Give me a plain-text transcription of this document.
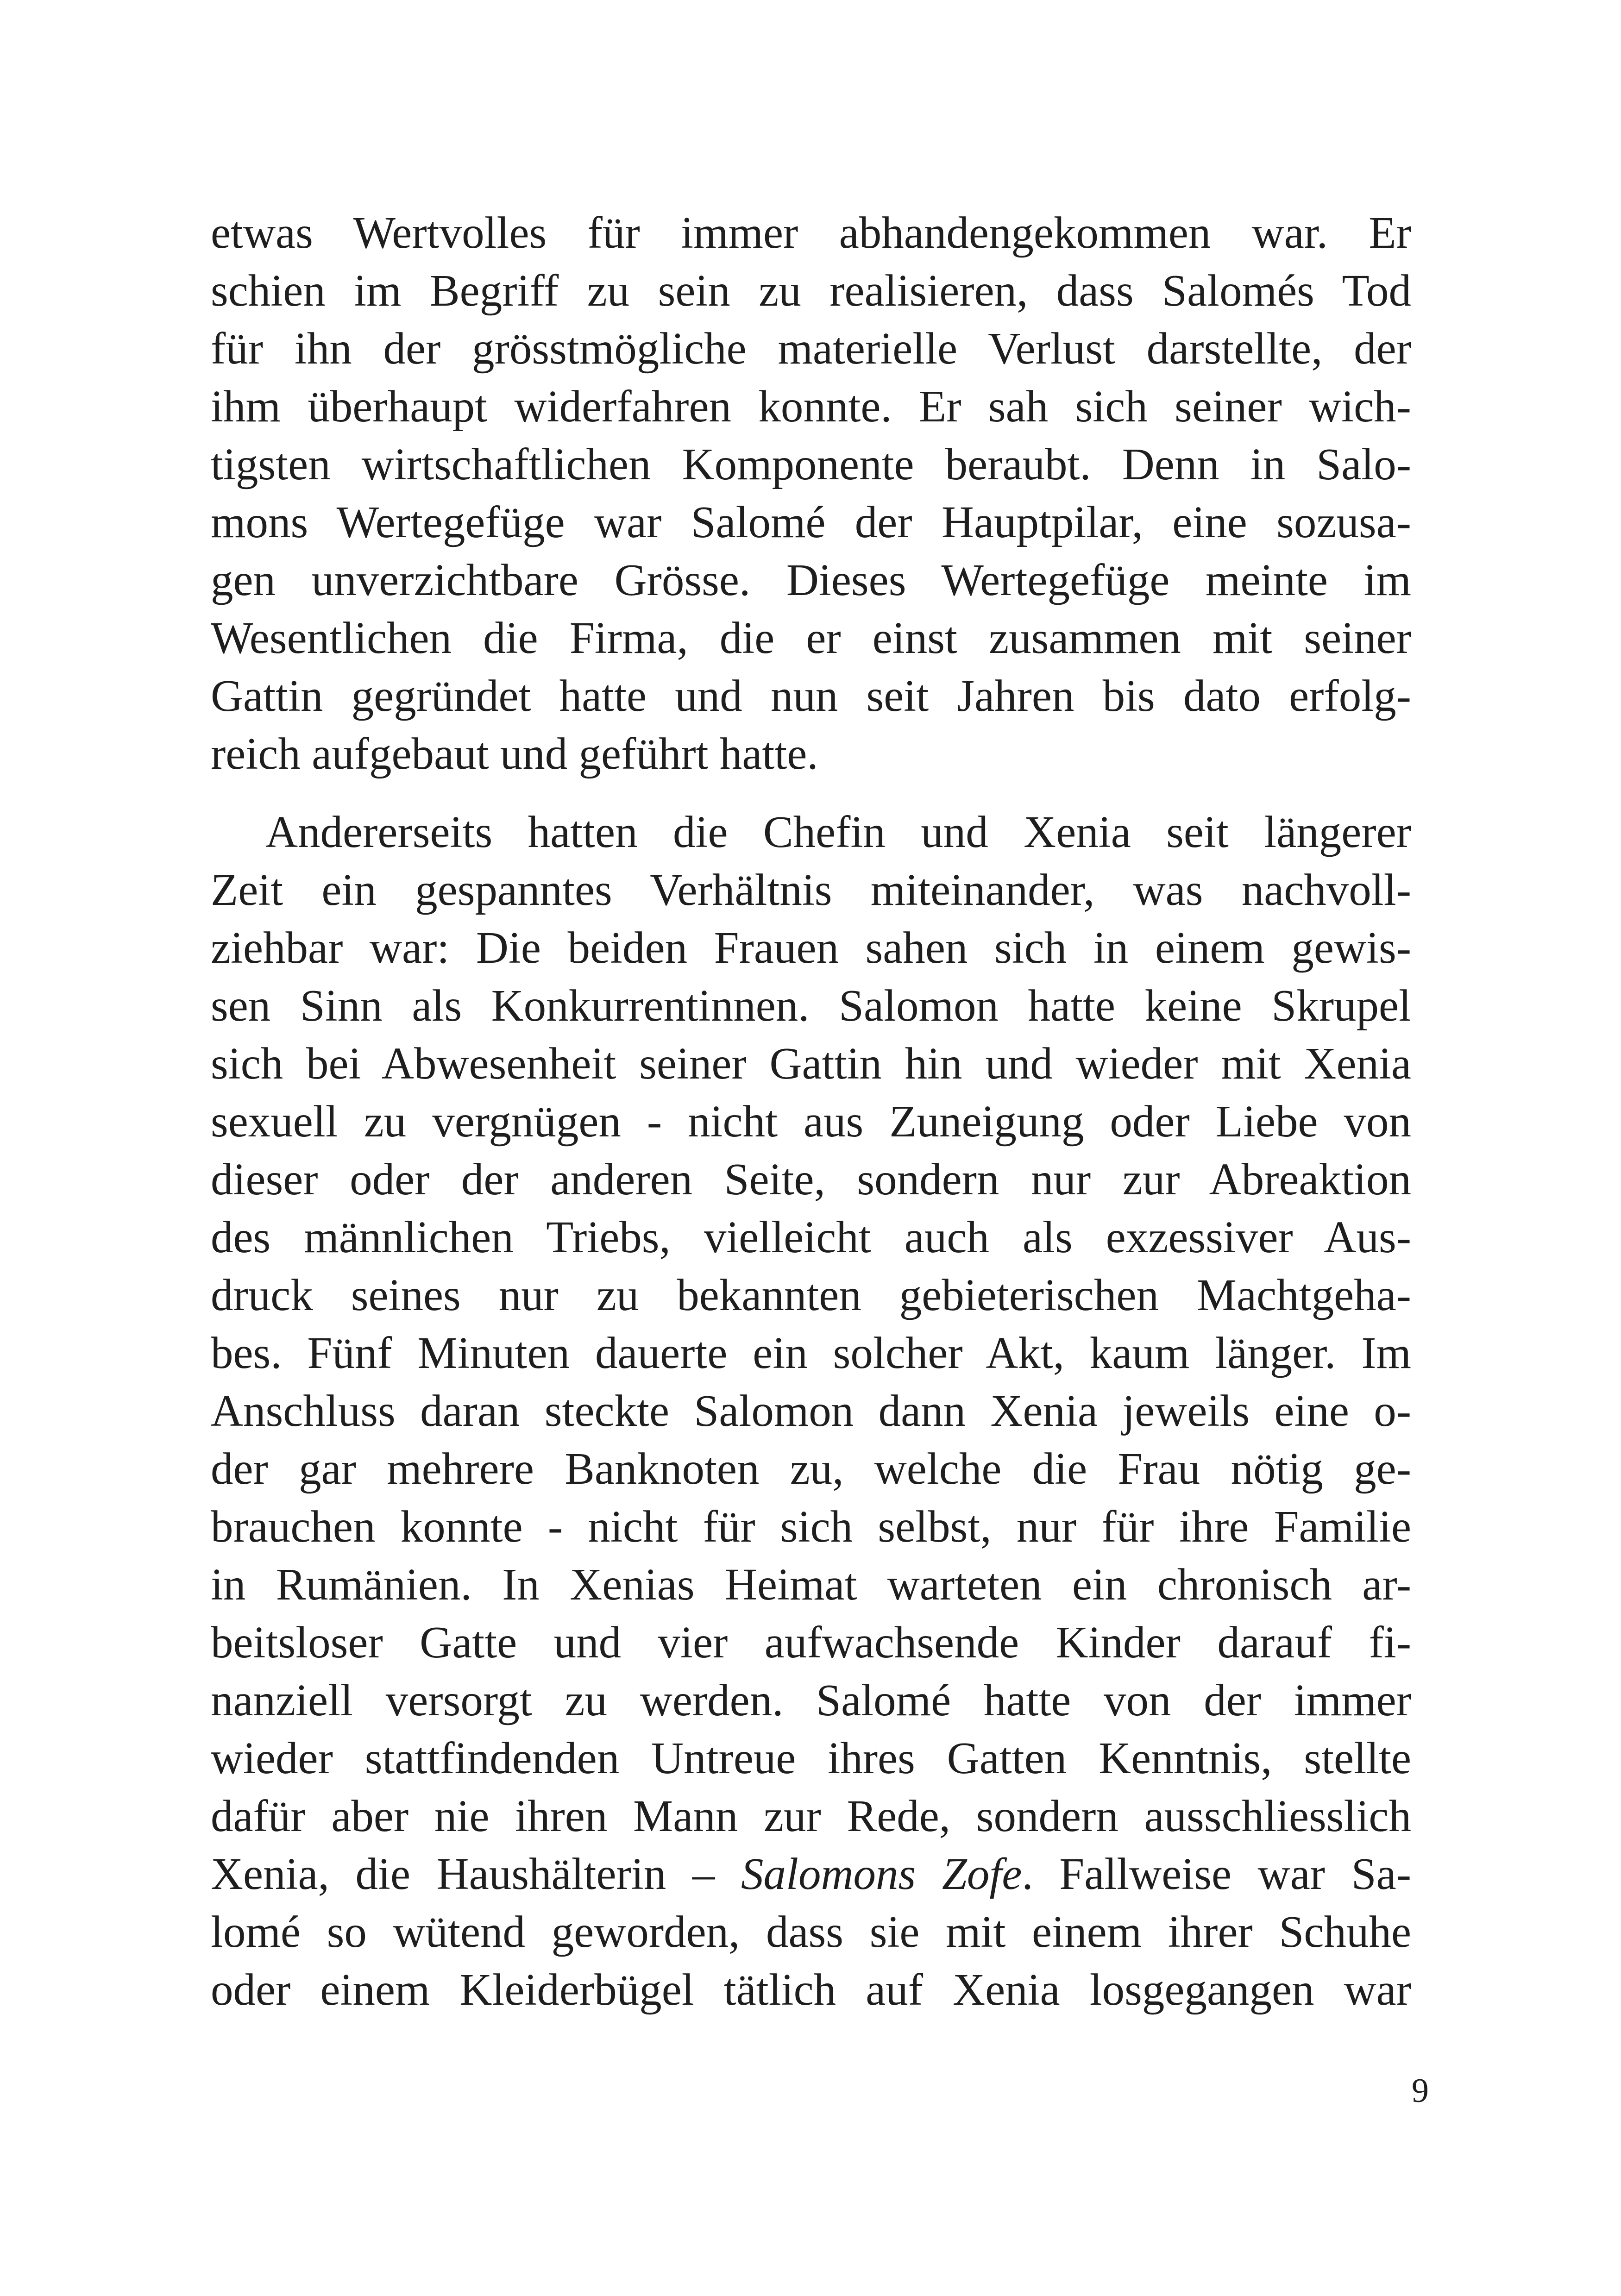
etwas Wertvolles für immer abhandengekommen war. Er
schien im Begriff zu sein zu realisieren, dass Salomés Tod
für ihn der grösstmögliche materielle Verlust darstellte, der
ihm überhaupt widerfahren konnte. Er sah sich seiner wich-
tigsten wirtschaftlichen Komponente beraubt. Denn in Salo-
mons Wertegefüge war Salomé der Hauptpilar, eine sozusa-
gen unverzichtbare Grösse. Dieses Wertegefüge meinte im
Wesentlichen die Firma, die er einst zusammen mit seiner
Gattin gegründet hatte und nun seit Jahren bis dato erfolg-
reich aufgebaut und geführt hatte.
Andererseits hatten die Chefin und Xenia seit längerer
Zeit ein gespanntes Verhältnis miteinander, was nachvoll-
ziehbar war: Die beiden Frauen sahen sich in einem gewis-
sen Sinn als Konkurrentinnen. Salomon hatte keine Skrupel
sich bei Abwesenheit seiner Gattin hin und wieder mit Xenia
sexuell zu vergnügen - nicht aus Zuneigung oder Liebe von
dieser oder der anderen Seite, sondern nur zur Abreaktion
des männlichen Triebs, vielleicht auch als exzessiver Aus-
druck seines nur zu bekannten gebieterischen Machtgeha-
bes. Fünf Minuten dauerte ein solcher Akt, kaum länger. Im
Anschluss daran steckte Salomon dann Xenia jeweils eine o-
der gar mehrere Banknoten zu, welche die Frau nötig ge-
brauchen konnte - nicht für sich selbst, nur für ihre Familie
in Rumänien. In Xenias Heimat warteten ein chronisch ar-
beitsloser Gatte und vier aufwachsende Kinder darauf fi-
nanziell versorgt zu werden. Salomé hatte von der immer
wieder stattfindenden Untreue ihres Gatten Kenntnis, stellte
dafür aber nie ihren Mann zur Rede, sondern ausschliesslich
Xenia, die Haushälterin – Salomons Zofe. Fallweise war Sa-
lomé so wütend geworden, dass sie mit einem ihrer Schuhe
oder einem Kleiderbügel tätlich auf Xenia losgegangen war
9
